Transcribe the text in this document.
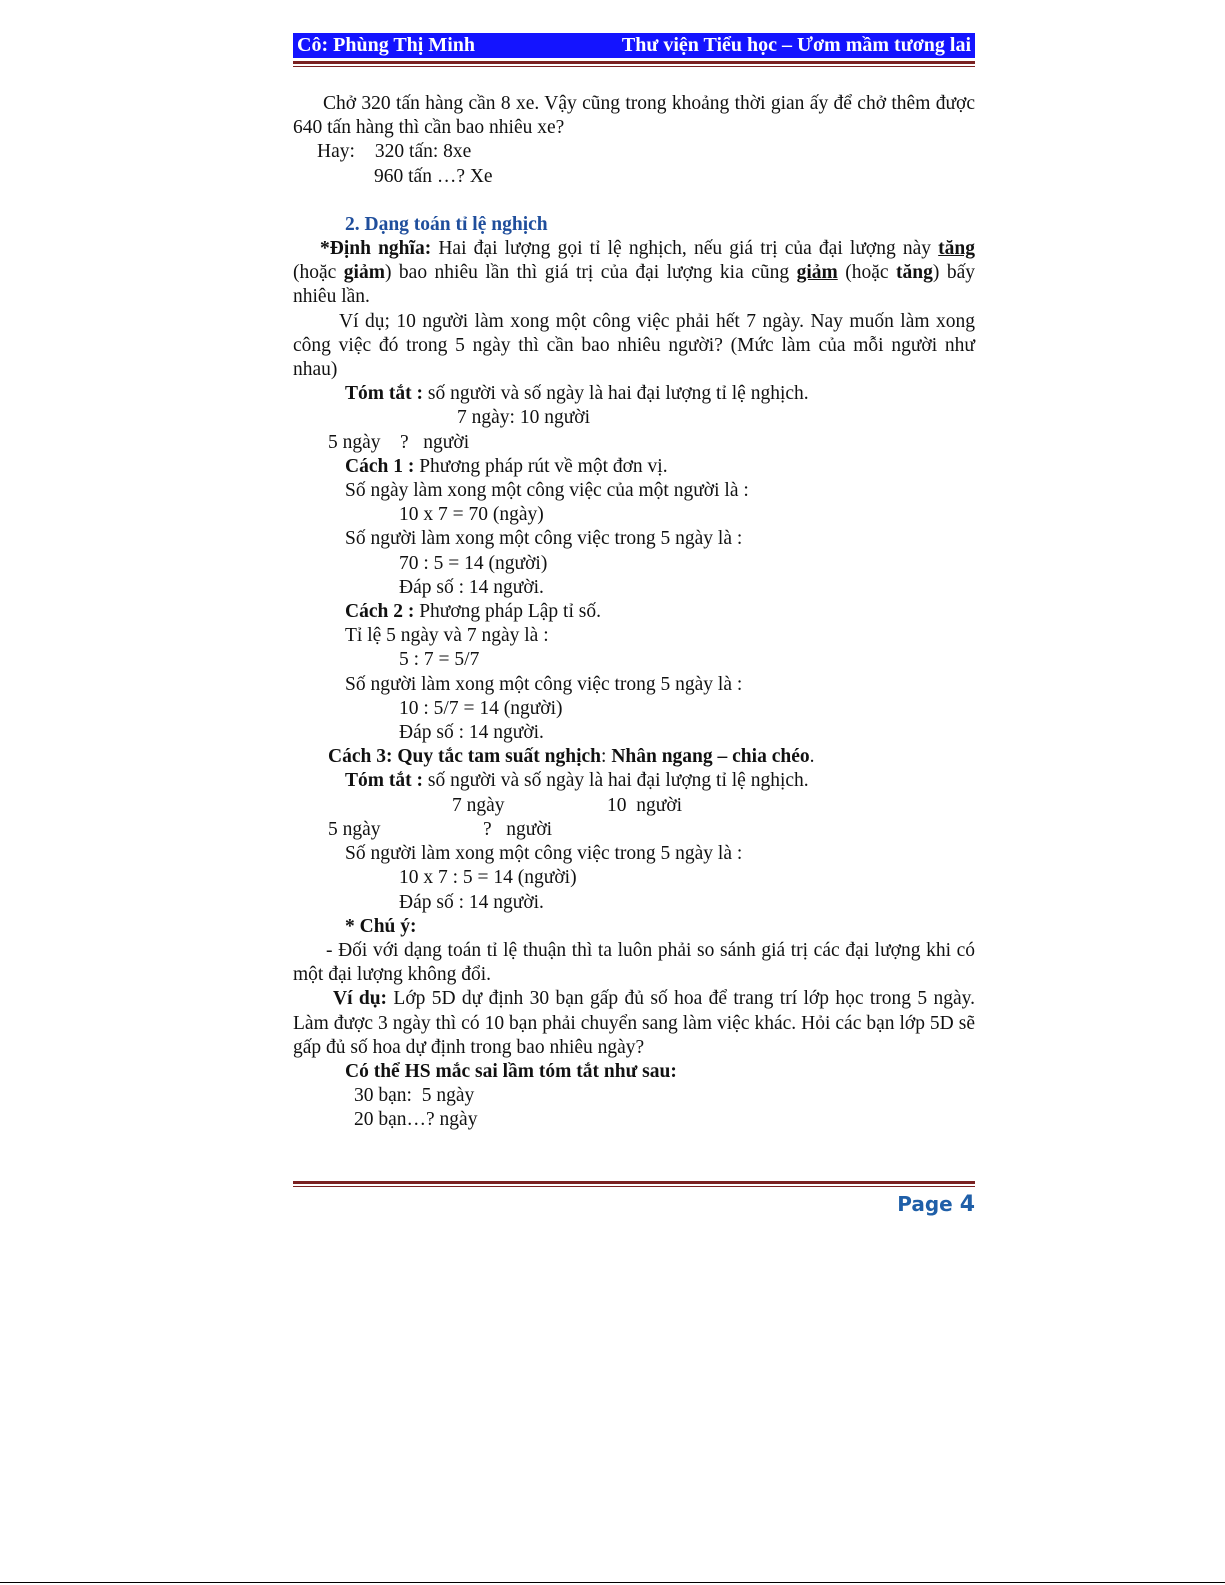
Cô: Phùng Thị Minh	Thư viện Tiểu học – Ươm mầm tương lai

Chở 320 tấn hàng cần 8 xe. Vậy cũng trong khoảng thời gian ấy để chở thêm được 640 tấn hàng thì cần bao nhiêu xe?

Hay: 320 tấn: 8xe

960 tấn …? Xe

2. Dạng toán tỉ lệ nghịch

*Định nghĩa: Hai đại lượng gọi tỉ lệ nghịch, nếu giá trị của đại lượng này tăng (hoặc giảm) bao nhiêu lần thì giá trị của đại lượng kia cũng giảm (hoặc tăng) bấy nhiêu lần.

Ví dụ; 10 người làm xong một công việc phải hết 7 ngày. Nay muốn làm xong công việc đó trong 5 ngày thì cần bao nhiêu người? (Mức làm của mỗi người như nhau)

Tóm tắt : số người và số ngày là hai đại lượng tỉ lệ nghịch.

7 ngày: 10 người

5 ngày    ?   người

Cách 1 : Phương pháp rút về một đơn vị.

Số ngày làm xong một công việc của một người là :

10 x 7 = 70 (ngày)

Số người làm xong một công việc trong 5 ngày là :

70 : 5 = 14 (người)

Đáp số : 14 người.

Cách 2 : Phương pháp Lập tỉ số.

Tỉ lệ 5 ngày và 7 ngày là :

5 : 7 = 5/7

Số người làm xong một công việc trong 5 ngày là :

10 : 5/7 = 14 (người)

Đáp số : 14 người.

Cách 3: Quy tắc tam suất nghịch: Nhân ngang – chia chéo.

Tóm tắt : số người và số ngày là hai đại lượng tỉ lệ nghịch.

7 ngày	10  người

5 ngày	?   người

Số người làm xong một công việc trong 5 ngày là :

10 x 7 : 5 = 14 (người)

Đáp số : 14 người.

* Chú ý:

- Đối với dạng toán tỉ lệ thuận thì ta luôn phải so sánh giá trị các đại lượng khi có một đại lượng không đổi.

Ví dụ: Lớp 5D dự định 30 bạn gấp đủ số hoa để trang trí lớp học trong 5 ngày. Làm được 3 ngày thì có 10 bạn phải chuyển sang làm việc khác. Hỏi các bạn lớp 5D sẽ gấp đủ số hoa dự định trong bao nhiêu ngày?

Có thể HS mắc sai lầm tóm tắt như sau:

30 bạn:  5 ngày

20 bạn…? ngày

Page 4
